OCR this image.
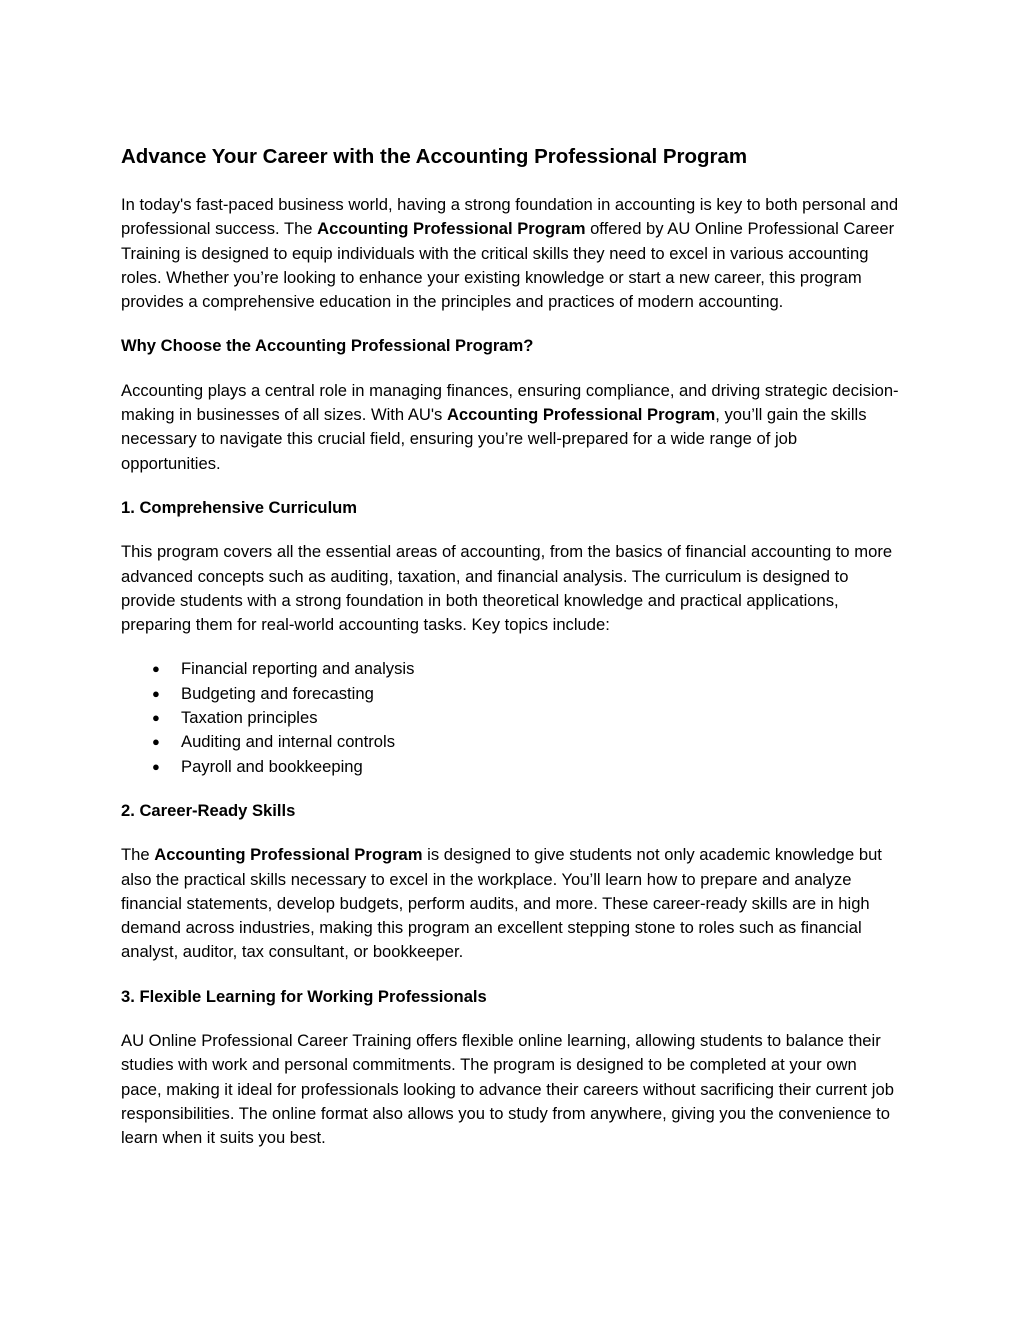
Advance Your Career with the Accounting Professional Program

In today's fast-paced business world, having a strong foundation in accounting is key to both personal and professional success. The Accounting Professional Program offered by AU Online Professional Career Training is designed to equip individuals with the critical skills they need to excel in various accounting roles. Whether you’re looking to enhance your existing knowledge or start a new career, this program provides a comprehensive education in the principles and practices of modern accounting.

Why Choose the Accounting Professional Program?

Accounting plays a central role in managing finances, ensuring compliance, and driving strategic decision-making in businesses of all sizes. With AU's Accounting Professional Program, you’ll gain the skills necessary to navigate this crucial field, ensuring you’re well-prepared for a wide range of job opportunities.

1. Comprehensive Curriculum

This program covers all the essential areas of accounting, from the basics of financial accounting to more advanced concepts such as auditing, taxation, and financial analysis. The curriculum is designed to provide students with a strong foundation in both theoretical knowledge and practical applications, preparing them for real-world accounting tasks. Key topics include:

● Financial reporting and analysis
● Budgeting and forecasting
● Taxation principles
● Auditing and internal controls
● Payroll and bookkeeping
2. Career-Ready Skills

The Accounting Professional Program is designed to give students not only academic knowledge but also the practical skills necessary to excel in the workplace. You’ll learn how to prepare and analyze financial statements, develop budgets, perform audits, and more. These career-ready skills are in high demand across industries, making this program an excellent stepping stone to roles such as financial analyst, auditor, tax consultant, or bookkeeper.

3. Flexible Learning for Working Professionals

AU Online Professional Career Training offers flexible online learning, allowing students to balance their studies with work and personal commitments. The program is designed to be completed at your own pace, making it ideal for professionals looking to advance their careers without sacrificing their current job responsibilities. The online format also allows you to study from anywhere, giving you the convenience to learn when it suits you best.
